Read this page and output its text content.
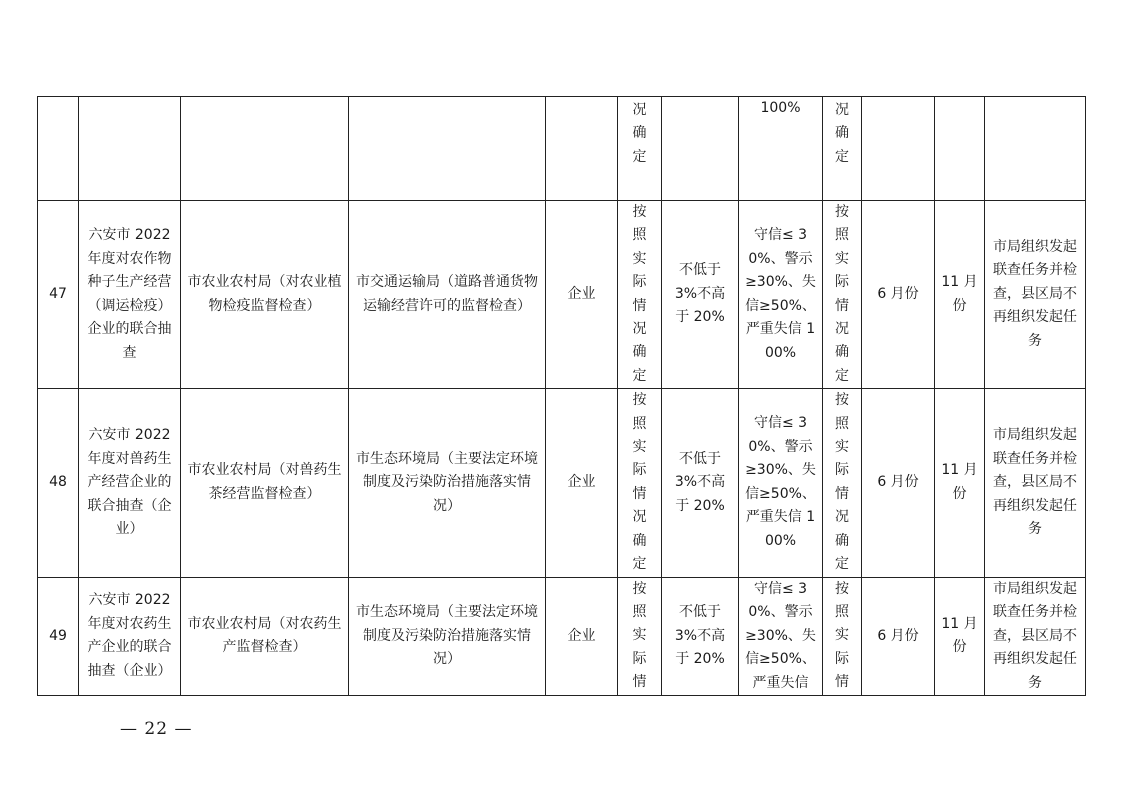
					况确定		100%	况确定			

47	六安市 2022 年度对农作物种子生产经营（调运检疫）企业的联合抽查	市农业农村局（对农业植物检疫监督检查）	市交通运输局（道路普通货物运输经营许可的监督检查）	企业	按照实际情况确定	不低于3%不高于 20%	守信≤ 30%、警示≥30%、失信≥50%、严重失信 100%	按照实际情况确定	6 月份	11 月份	市局组织发起联查任务并检查，县区局不再组织发起任务

48	六安市 2022 年度对兽药生产经营企业的联合抽查（企业）	市农业农村局（对兽药生茶经营监督检查）	市生态环境局（主要法定环境制度及污染防治措施落实情况）	企业	按照实际情况确定	不低于3%不高于 20%	守信≤ 30%、警示≥30%、失信≥50%、严重失信 100%	按照实际情况确定	6 月份	11 月份	市局组织发起联查任务并检查，县区局不再组织发起任务

49	六安市 2022 年度对农药生产企业的联合抽查（企业）	市农业农村局（对农药生产监督检查）	市生态环境局（主要法定环境制度及污染防治措施落实情况）	企业	按照实际情	不低于3%不高于 20%	守信≤ 30%、警示≥30%、失信≥50%、严重失信	按照实际情	6 月份	11 月份	市局组织发起联查任务并检查，县区局不再组织发起任务
— 22 —
